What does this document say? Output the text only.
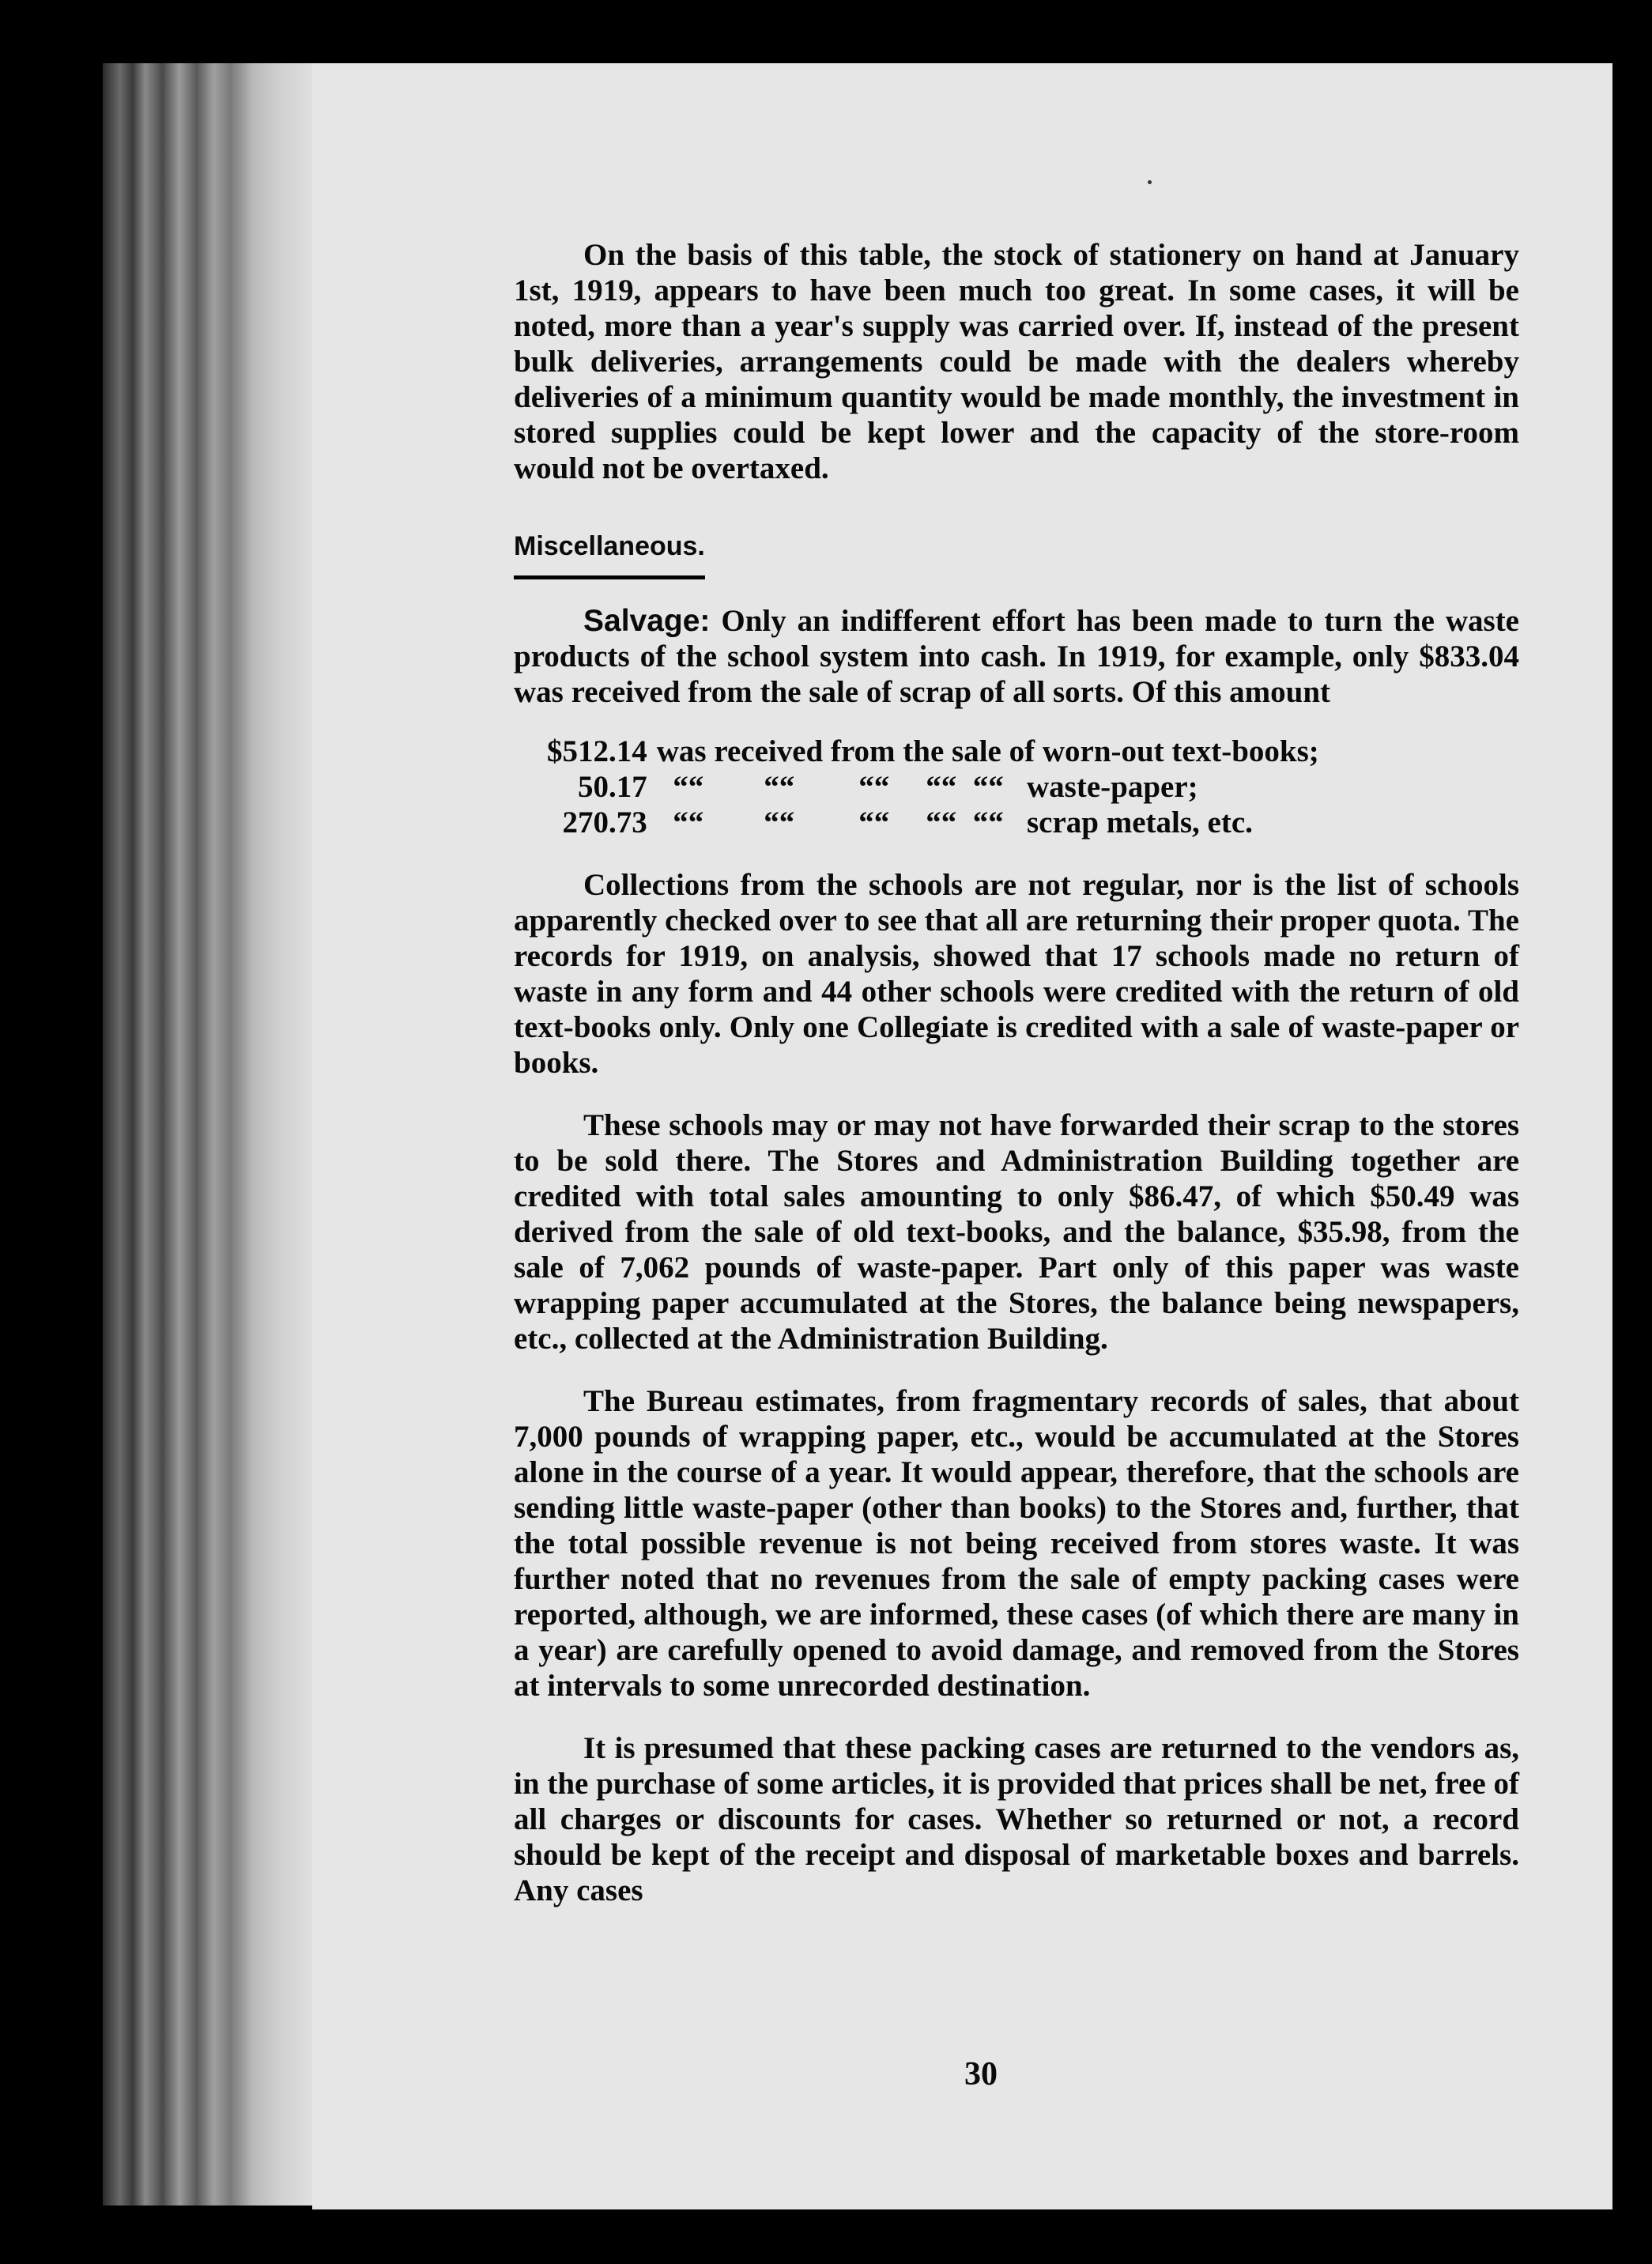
On the basis of this table, the stock of stationery on hand at January 1st, 1919, appears to have been much too great. In some cases, it will be noted, more than a year's supply was carried over. If, instead of the present bulk deliveries, arrangements could be made with the dealers whereby deliveries of a minimum quantity would be made monthly, the investment in stored supplies could be kept lower and the capacity of the store-room would not be overtaxed.

Miscellaneous.

Salvage: Only an indifferent effort has been made to turn the waste products of the school system into cash. In 1919, for example, only $833.04 was received from the sale of scrap of all sorts. Of this amount

$512.14	was received from the sale of worn-out text-books;				
50.17	““	““	““	““	““ waste-paper;
270.73	““	““	““	““	““ scrap metals, etc.

Collections from the schools are not regular, nor is the list of schools apparently checked over to see that all are returning their proper quota. The records for 1919, on analysis, showed that 17 schools made no return of waste in any form and 44 other schools were credited with the return of old text-books only. Only one Collegiate is credited with a sale of waste-paper or books.

These schools may or may not have forwarded their scrap to the stores to be sold there. The Stores and Administration Building together are credited with total sales amounting to only $86.47, of which $50.49 was derived from the sale of old text-books, and the balance, $35.98, from the sale of 7,062 pounds of waste-paper. Part only of this paper was waste wrapping paper accumulated at the Stores, the balance being newspapers, etc., collected at the Administration Building.

The Bureau estimates, from fragmentary records of sales, that about 7,000 pounds of wrapping paper, etc., would be accumulated at the Stores alone in the course of a year. It would appear, therefore, that the schools are sending little waste-paper (other than books) to the Stores and, further, that the total possible revenue is not being received from stores waste. It was further noted that no revenues from the sale of empty packing cases were reported, although, we are informed, these cases (of which there are many in a year) are carefully opened to avoid damage, and removed from the Stores at intervals to some unrecorded destination.

It is presumed that these packing cases are returned to the vendors as, in the purchase of some articles, it is provided that prices shall be net, free of all charges or discounts for cases. Whether so returned or not, a record should be kept of the receipt and disposal of marketable boxes and barrels. Any cases

30
